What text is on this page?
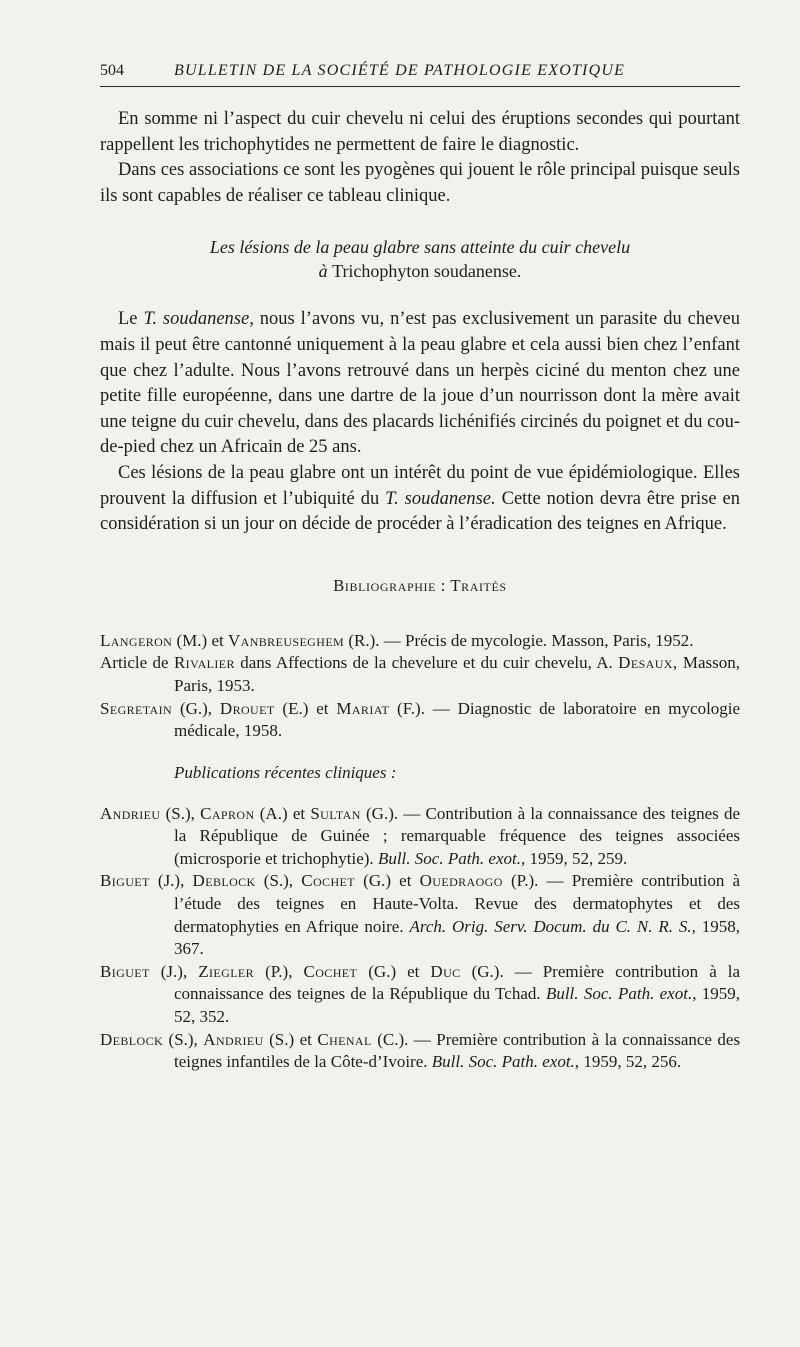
504	BULLETIN DE LA SOCIÉTÉ DE PATHOLOGIE EXOTIQUE

En somme ni l’aspect du cuir chevelu ni celui des éruptions secondes qui pourtant rappellent les trichophytides ne permettent de faire le diagnostic.

Dans ces associations ce sont les pyogènes qui jouent le rôle principal puisque seuls ils sont capables de réaliser ce tableau clinique.

Les lésions de la peau glabre sans atteinte du cuir chevelu
à Trichophyton soudanense.

Le T. soudanense, nous l’avons vu, n’est pas exclusivement un parasite du cheveu mais il peut être cantonné uniquement à la peau glabre et cela aussi bien chez l’enfant que chez l’adulte. Nous l’avons retrouvé dans un herpès ciciné du menton chez une petite fille européenne, dans une dartre de la joue d’un nourrisson dont la mère avait une teigne du cuir chevelu, dans des placards lichénifiés circinés du poignet et du cou-de-pied chez un Africain de 25 ans.

Ces lésions de la peau glabre ont un intérêt du point de vue épidémiologique. Elles prouvent la diffusion et l’ubiquité du T. soudanense. Cette notion devra être prise en considération si un jour on décide de procéder à l’éradication des teignes en Afrique.

Bibliographie : Traités
Langeron (M.) et Vanbreuseghem (R.). — Précis de mycologie. Masson, Paris, 1952.
Article de Rivalier dans Affections de la chevelure et du cuir chevelu, A. Desaux, Masson, Paris, 1953.
Segretain (G.), Drouet (E.) et Mariat (F.). — Diagnostic de laboratoire en mycologie médicale, 1958.
Publications récentes cliniques :
Andrieu (S.), Capron (A.) et Sultan (G.). — Contribution à la connaissance des teignes de la République de Guinée ; remarquable fréquence des teignes associées (microsporie et trichophytie). Bull. Soc. Path. exot., 1959, 52, 259.
Biguet (J.), Deblock (S.), Cochet (G.) et Ouedraogo (P.). — Première contribution à l’étude des teignes en Haute-Volta. Revue des dermatophytes et des dermatophyties en Afrique noire. Arch. Orig. Serv. Docum. du C. N. R. S., 1958, 367.
Biguet (J.), Ziegler (P.), Cochet (G.) et Duc (G.). — Première contribution à la connaissance des teignes de la République du Tchad. Bull. Soc. Path. exot., 1959, 52, 352.
Deblock (S.), Andrieu (S.) et Chenal (C.). — Première contribution à la connaissance des teignes infantiles de la Côte-d’Ivoire. Bull. Soc. Path. exot., 1959, 52, 256.
